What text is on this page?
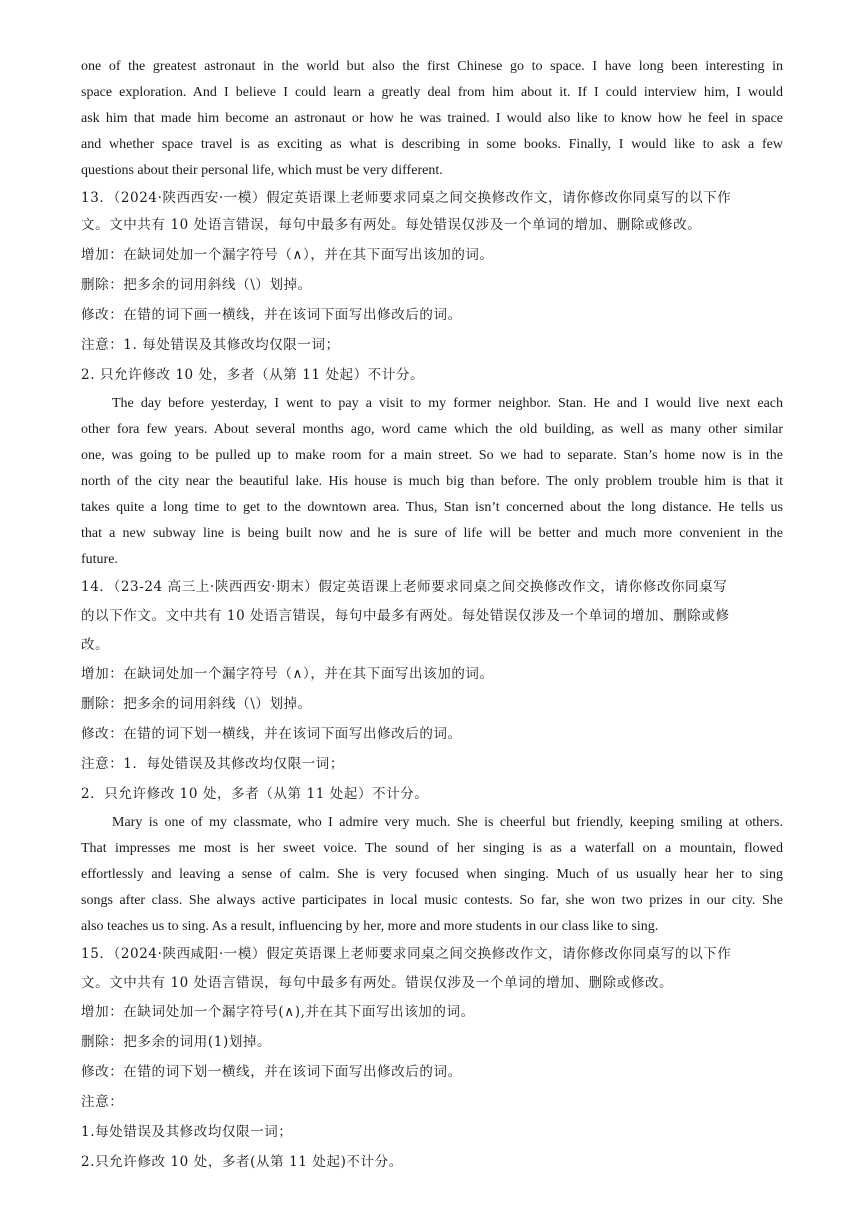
one of the greatest astronaut in the world but also the first Chinese go to space. I have long been interesting in

space exploration. And I believe I could learn a greatly deal from him about it. If I could interview him, I would

ask him that made him become an astronaut or how he was trained. I would also like to know how he feel in space

and whether space travel is as exciting as what is describing in some books. Finally, I would like to ask a few

questions about their personal life, which must be very different.

13．（2024·陕西西安·一模）假定英语课上老师要求同桌之间交换修改作文，请你修改你同桌写的以下作

文。文中共有 10 处语言错误，每句中最多有两处。每处错误仅涉及一个单词的增加、删除或修改。

增加：在缺词处加一个漏字符号（∧），并在其下面写出该加的词。

删除：把多余的词用斜线（\）划掉。

修改：在错的词下画一横线，并在该词下面写出修改后的词。

注意：1. 每处错误及其修改均仅限一词；

2. 只允许修改 10 处，多者（从第 11 处起）不计分。

The day before yesterday, I went to pay a visit to my former neighbor. Stan. He and I would live next each

other fora few years. About several months ago, word came which the old building, as well as many other similar

one, was going to be pulled up to make room for a main street. So we had to separate. Stan’s home now is in the

north of the city near the beautiful lake. His house is much big than before. The only problem trouble him is that it

takes quite a long time to get to the downtown area. Thus, Stan isn’t concerned about the long distance. He tells us

that a new subway line is being built now and he is sure of life will be better and much more convenient in the

future.

14．（23-24 高三上·陕西西安·期末）假定英语课上老师要求同桌之间交换修改作文，请你修改你同桌写

的以下作文。文中共有 10 处语言错误，每句中最多有两处。每处错误仅涉及一个单词的增加、删除或修

改。

增加：在缺词处加一个漏字符号（∧），并在其下面写出该加的词。

删除：把多余的词用斜线（\）划掉。

修改：在错的词下划一横线，并在该词下面写出修改后的词。

注意：1．每处错误及其修改均仅限一词；

2．只允许修改 10 处，多者（从第 11 处起）不计分。

Mary is one of my classmate, who I admire very much. She is cheerful but friendly, keeping smiling at others.

That impresses me most is her sweet voice. The sound of her singing is as a waterfall on a mountain, flowed

effortlessly and leaving a sense of calm. She is very focused when singing. Much of us usually hear her to sing

songs after class. She always active participates in local music contests. So far, she won two prizes in our city. She

also teaches us to sing. As a result, influencing by her, more and more students in our class like to sing.

15．（2024·陕西咸阳·一模）假定英语课上老师要求同桌之间交换修改作文，请你修改你同桌写的以下作

文。文中共有 10 处语言错误，每句中最多有两处。错误仅涉及一个单词的增加、删除或修改。

增加：在缺词处加一个漏字符号(∧),并在其下面写出该加的词。

删除：把多余的词用(1)划掉。

修改：在错的词下划一横线，并在该词下面写出修改后的词。

注意：

1.每处错误及其修改均仅限一词；

2.只允许修改 10 处，多者(从第 11 处起)不计分。
